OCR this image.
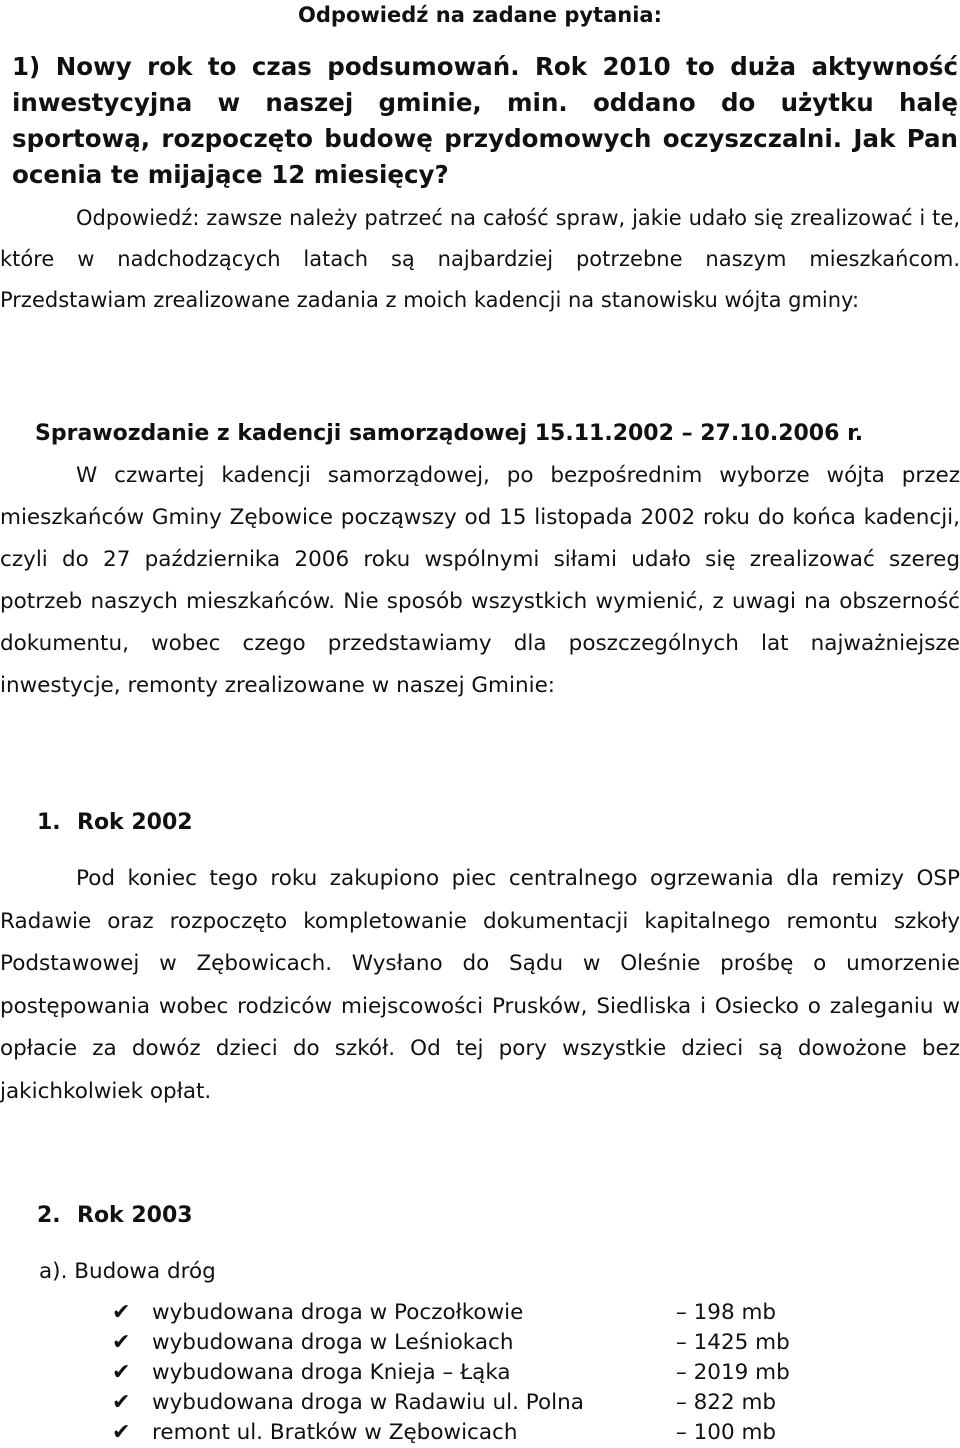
Odpowiedź na zadane pytania:

1) Nowy rok to czas podsumowań. Rok 2010 to duża aktywność inwestycyjna w naszej gminie, min. oddano do użytku halę sportową, rozpoczęto budowę przydomowych oczyszczalni. Jak Pan ocenia te mijające 12 miesięcy?

Odpowiedź: zawsze należy patrzeć na całość spraw, jakie udało się zrealizować i te, które w nadchodzących latach są najbardziej potrzebne naszym mieszkańcom. Przedstawiam zrealizowane zadania z moich kadencji na stanowisku wójta gminy:

Sprawozdanie z kadencji samorządowej 15.11.2002 – 27.10.2006 r.

W czwartej kadencji samorządowej, po bezpośrednim wyborze wójta przez mieszkańców Gminy Zębowice począwszy od 15 listopada 2002 roku do końca kadencji, czyli do 27 października 2006 roku wspólnymi siłami udało się zrealizować szereg potrzeb naszych mieszkańców. Nie sposób wszystkich wymienić, z uwagi na obszerność dokumentu, wobec czego przedstawiamy dla poszczególnych lat najważniejsze inwestycje, remonty zrealizowane w naszej Gminie:

1. Rok 2002

Pod koniec tego roku zakupiono piec centralnego ogrzewania dla remizy OSP Radawie oraz rozpoczęto kompletowanie dokumentacji kapitalnego remontu szkoły Podstawowej w Zębowicach. Wysłano do Sądu w Oleśnie prośbę o umorzenie postępowania wobec rodziców miejscowości Prusków, Siedliska i Osiecko o zaleganiu w opłacie za dowóz dzieci do szkół. Od tej pory wszystkie dzieci są dowożone bez jakichkolwiek opłat.

2. Rok 2003

a). Budowa dróg

✔ wybudowana droga w Poczołkowie	– 198 mb
✔ wybudowana droga w Leśniokach	– 1425 mb
✔ wybudowana droga Knieja – Łąka	– 2019 mb
✔ wybudowana droga w Radawiu ul. Polna	– 822 mb
✔ remont ul. Bratków w Zębowicach	– 100 mb
